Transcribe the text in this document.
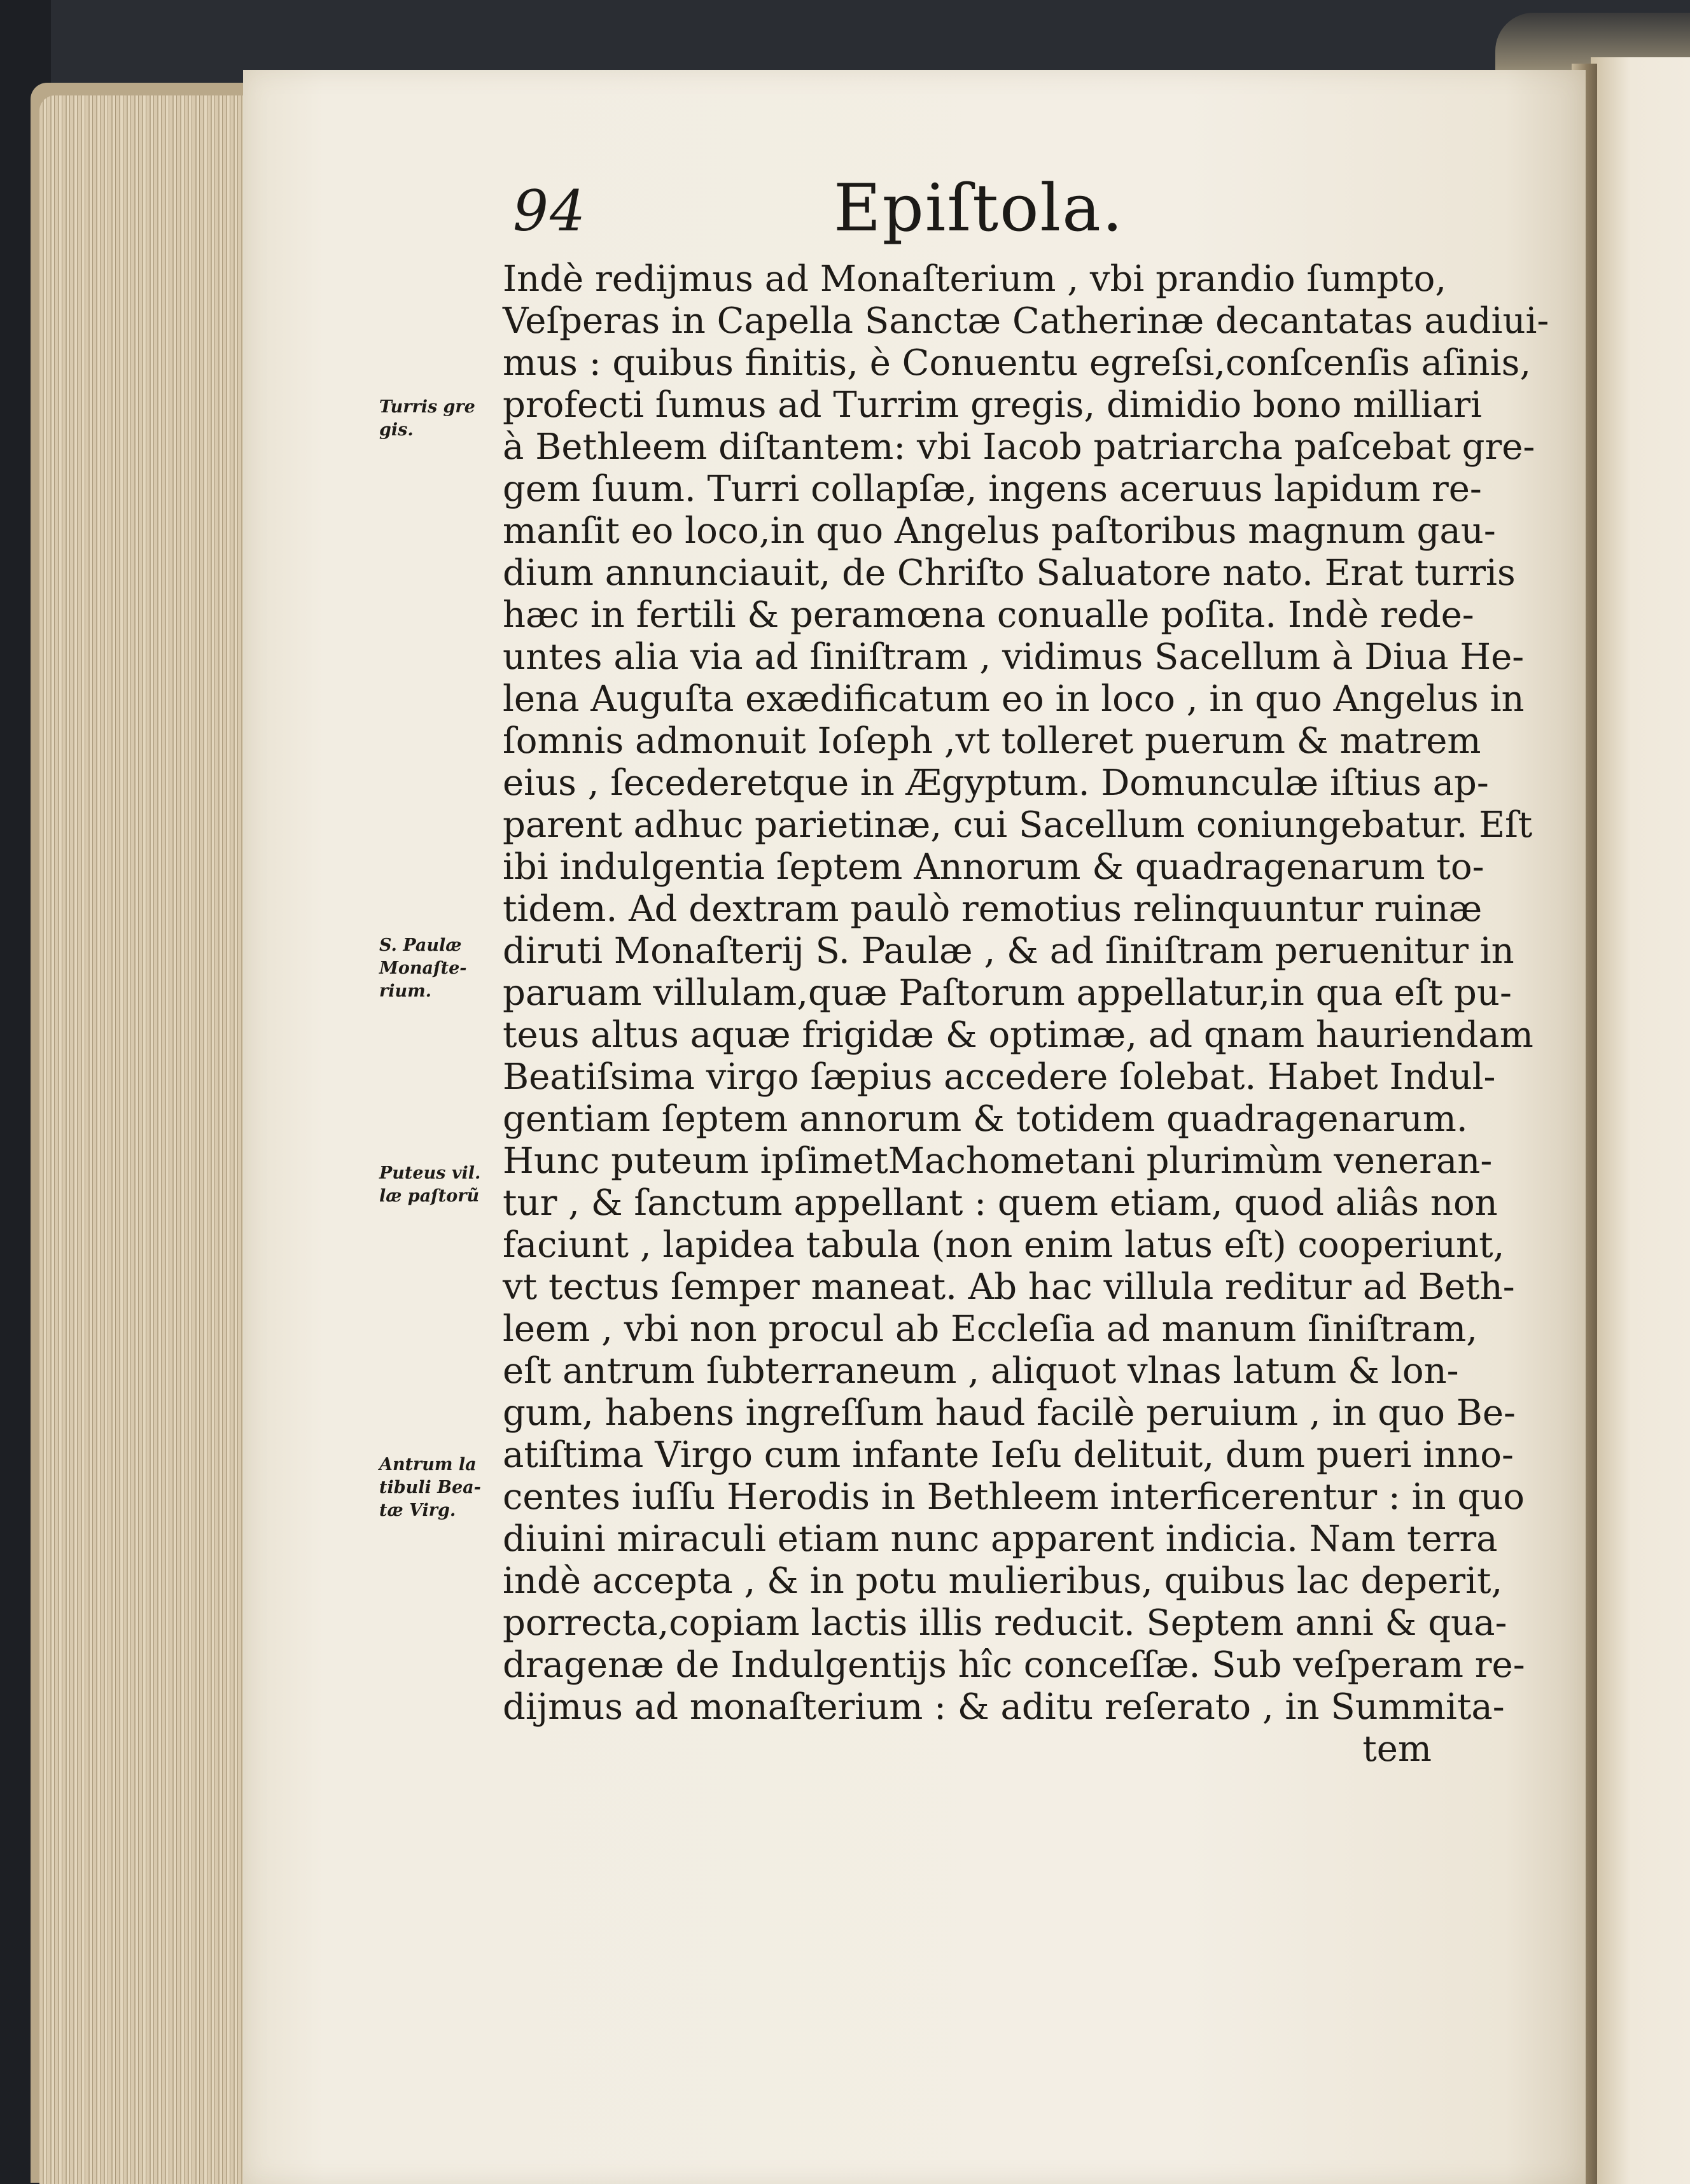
94	Epiſtola.
Indè redijmus ad Monaſterium , vbi prandio ſumpto,
Veſperas in Capella Sanctæ Catherinæ decantatas audiui-
mus : quibus finitis, è Conuentu egreſsi,conſcenſis aſinis,
profecti ſumus ad Turrim gregis, dimidio bono milliari
à Bethleem diſtantem: vbi Iacob patriarcha paſcebat gre-
gem ſuum. Turri collapſæ, ingens aceruus lapidum re-
manſit eo loco,in quo Angelus paſtoribus magnum gau-
dium annunciauit, de Chriſto Saluatore nato. Erat turris
hæc in fertili & peramœna conualle poſita. Indè rede-
untes alia via ad ſiniſtram , vidimus Sacellum à Diua He-
lena Auguſta exædificatum eo in loco , in quo Angelus in
ſomnis admonuit Ioſeph ,vt tolleret puerum & matrem
eius , ſecederetque in Ægyptum. Domunculæ iſtius ap-
parent adhuc parietinæ, cui Sacellum coniungebatur. Eſt
ibi indulgentia ſeptem Annorum & quadragenarum to-
tidem. Ad dextram paulò remotius relinquuntur ruinæ
diruti Monaſterij S. Paulæ , & ad ſiniſtram peruenitur in
paruam villulam,quæ Paſtorum appellatur,in qua eſt pu-
teus altus aquæ frigidæ & optimæ, ad qnam hauriendam
Beatiſsima virgo ſæpius accedere ſolebat. Habet Indul-
gentiam ſeptem annorum & totidem quadragenarum.
Hunc puteum ipſimetMachometani plurimùm veneran-
tur , & ſanctum appellant : quem etiam, quod aliâs non
faciunt , lapidea tabula (non enim latus eſt) cooperiunt,
vt tectus ſemper maneat. Ab hac villula reditur ad Beth-
leem , vbi non procul ab Eccleſia ad manum ſiniſtram,
eſt antrum ſubterraneum , aliquot vlnas latum & lon-
gum, habens ingreſſum haud facilè peruium , in quo Be-
atiſtima Virgo cum infante Ieſu delituit, dum pueri inno-
centes iuſſu Herodis in Bethleem interficerentur : in quo
diuini miraculi etiam nunc apparent indicia. Nam terra
indè accepta , & in potu mulieribus, quibus lac deperit,
porrecta,copiam lactis illis reducit. Septem anni & qua-
dragenæ de Indulgentijs hîc conceſſæ. Sub veſperam re-
dijmus ad monaſterium : & aditu reſerato , in Summita-
tem
Turris gre
gis.
S. Paulæ
Monaſte-
rium.
Puteus vil.
læ paſtorũ
Antrum la
tibuli Bea-
tæ Virg.
